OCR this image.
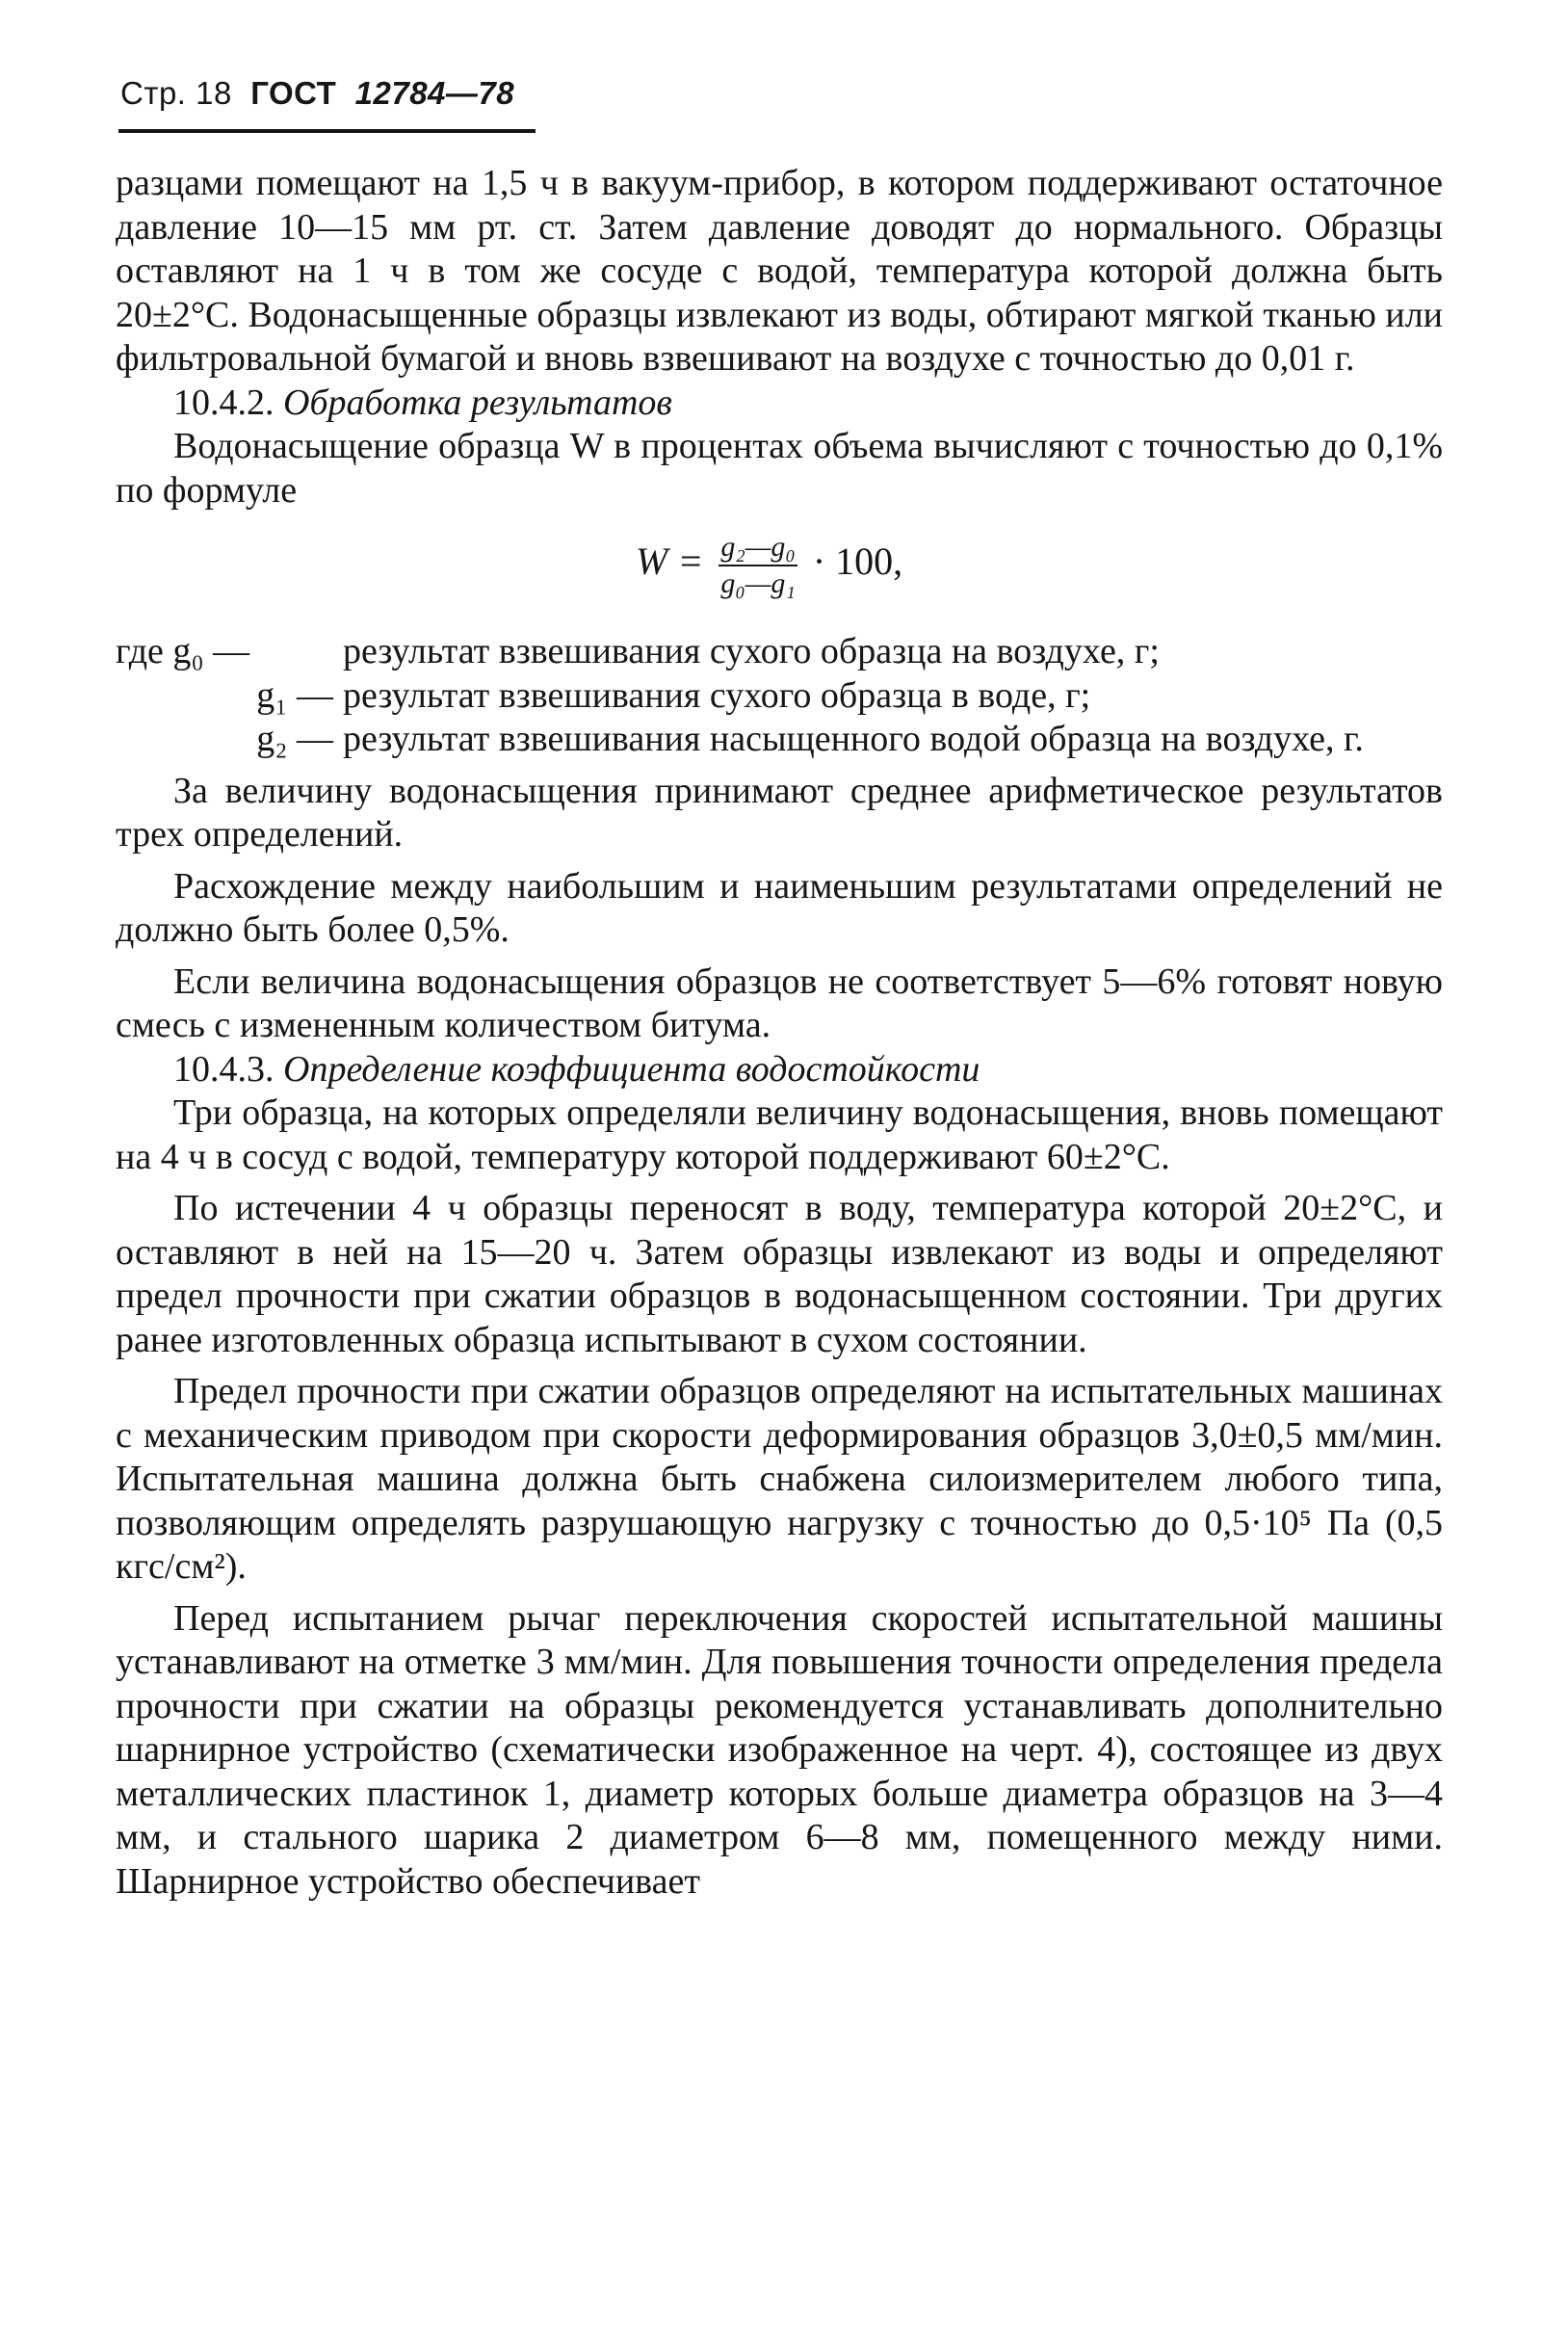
Стр. 18 ГОСТ 12784—78

разцами помещают на 1,5 ч в вакуум-прибор, в котором поддерживают остаточное давление 10—15 мм рт. ст. Затем давление доводят до нормального. Образцы оставляют на 1 ч в том же сосуде с водой, температура которой должна быть 20±2°С. Водонасыщенные образцы извлекают из воды, обтирают мягкой тканью или фильтровальной бумагой и вновь взвешивают на воздухе с точностью до 0,01 г.

10.4.2. Обработка результатов

Водонасыщение образца W в процентах объема вычисляют с точностью до 0,1% по формуле

$W = \frac{\text{g₂—g₀}}{\text{g₀—g₁}} \cdot 100$,
где g₀ —	результат взвешивания сухого образца на воздухе, г;
g₁ — результат взвешивания сухого образца в воде, г;
g₂ — результат взвешивания насыщенного водой образца на воздухе, г.

За величину водонасыщения принимают среднее арифметическое результатов трех определений.

Расхождение между наибольшим и наименьшим результатами определений не должно быть более 0,5%.

Если величина водонасыщения образцов не соответствует 5—6% готовят новую смесь с измененным количеством битума.

10.4.3. Определение коэффициента водостойкости

Три образца, на которых определяли величину водонасыщения, вновь помещают на 4 ч в сосуд с водой, температуру которой поддерживают 60±2°С.

По истечении 4 ч образцы переносят в воду, температура которой 20±2°С, и оставляют в ней на 15—20 ч. Затем образцы извлекают из воды и определяют предел прочности при сжатии образцов в водонасыщенном состоянии. Три других ранее изготовленных образца испытывают в сухом состоянии.

Предел прочности при сжатии образцов определяют на испытательных машинах с механическим приводом при скорости деформирования образцов 3,0±0,5 мм/мин. Испытательная машина должна быть снабжена силоизмерителем любого типа, позволяющим определять разрушающую нагрузку с точностью до 0,5·10⁵ Па (0,5 кгс/см²).

Перед испытанием рычаг переключения скоростей испытательной машины устанавливают на отметке 3 мм/мин. Для повышения точности определения предела прочности при сжатии на образцы рекомендуется устанавливать дополнительно шарнирное устройство (схематически изображенное на черт. 4), состоящее из двух металлических пластинок 1, диаметр которых больше диаметра образцов на 3—4 мм, и стального шарика 2 диаметром 6—8 мм, помещенного между ними. Шарнирное устройство обеспечивает
